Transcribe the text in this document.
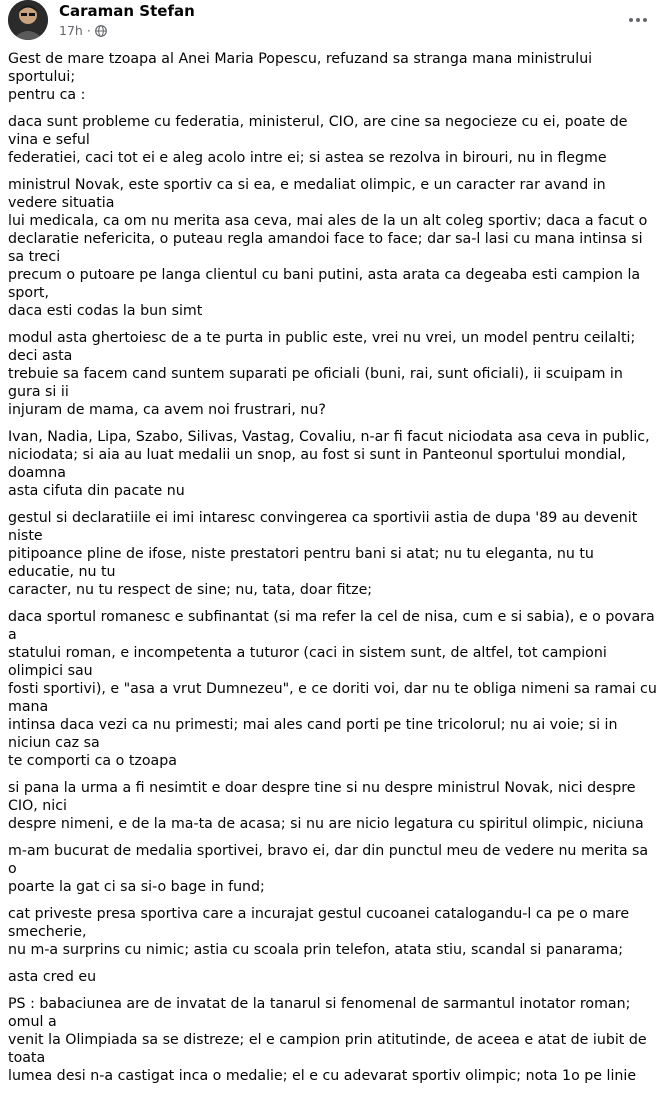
Caraman Stefan
17h ·

Gest de mare tzoapa al Anei Maria Popescu, refuzand sa stranga mana ministrului sportului;
pentru ca :

daca sunt probleme cu federatia, ministerul, CIO, are cine sa negocieze cu ei, poate de vina e seful
federatiei, caci tot ei e aleg acolo intre ei; si astea se rezolva in birouri, nu in flegme

ministrul Novak, este sportiv ca si ea, e medaliat olimpic, e un caracter rar avand in vedere situatia
lui medicala, ca om nu merita asa ceva, mai ales de la un alt coleg sportiv; daca a facut o
declaratie nefericita, o puteau regla amandoi face to face; dar sa-l lasi cu mana intinsa si sa treci
precum o putoare pe langa clientul cu bani putini, asta arata ca degeaba esti campion la sport,
daca esti codas la bun simt

modul asta ghertoiesc de a te purta in public este, vrei nu vrei, un model pentru ceilalti; deci asta
trebuie sa facem cand suntem suparati pe oficiali (buni, rai, sunt oficiali), ii scuipam in gura si ii
injuram de mama, ca avem noi frustrari, nu?

Ivan, Nadia, Lipa, Szabo, Silivas, Vastag, Covaliu, n-ar fi facut niciodata asa ceva in public,
niciodata; si aia au luat medalii un snop, au fost si sunt in Panteonul sportului mondial, doamna
asta cifuta din pacate nu

gestul si declaratiile ei imi intaresc convingerea ca sportivii astia de dupa '89 au devenit niste
pitipoance pline de ifose, niste prestatori pentru bani si atat; nu tu eleganta, nu tu educatie, nu tu
caracter, nu tu respect de sine; nu, tata, doar fitze;

daca sportul romanesc e subfinantat (si ma refer la cel de nisa, cum e si sabia), e o povara a
statului roman, e incompetenta a tuturor (caci in sistem sunt, de altfel, tot campioni olimpici sau
fosti sportivi), e "asa a vrut Dumnezeu", e ce doriti voi, dar nu te obliga nimeni sa ramai cu mana
intinsa daca vezi ca nu primesti; mai ales cand porti pe tine tricolorul; nu ai voie; si in niciun caz sa
te comporti ca o tzoapa

si pana la urma a fi nesimtit e doar despre tine si nu despre ministrul Novak, nici despre CIO, nici
despre nimeni, e de la ma-ta de acasa; si nu are nicio legatura cu spiritul olimpic, niciuna

m-am bucurat de medalia sportivei, bravo ei, dar din punctul meu de vedere nu merita sa o
poarte la gat ci sa si-o bage in fund;

cat priveste presa sportiva care a incurajat gestul cucoanei catalogandu-l ca pe o mare smecherie,
nu m-a surprins cu nimic; astia cu scoala prin telefon, atata stiu, scandal si panarama;

asta cred eu

PS : babaciunea are de invatat de la tanarul si fenomenal de sarmantul inotator roman; omul a
venit la Olimpiada sa se distreze; el e campion prin atitutinde, de aceea e atat de iubit de toata
lumea desi n-a castigat inca o medalie; el e cu adevarat sportiv olimpic; nota 1o pe linie
